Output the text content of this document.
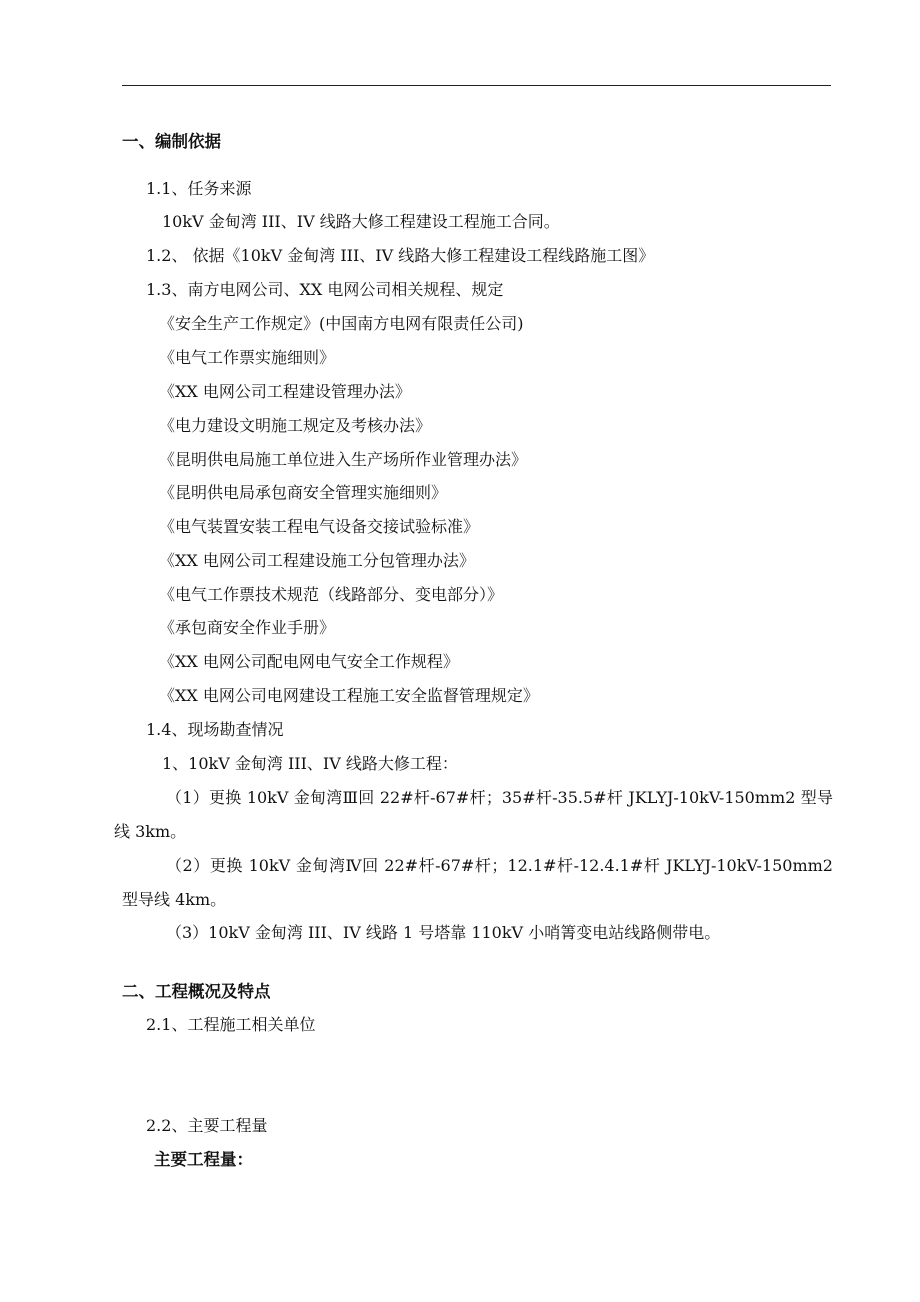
一、编制依据
1.1、任务来源
10kV 金甸湾 III、IV 线路大修工程建设工程施工合同。
1.2、 依据《10kV 金甸湾 III、IV 线路大修工程建设工程线路施工图》
1.3、南方电网公司、XX 电网公司相关规程、规定
《安全生产工作规定》(中国南方电网有限责任公司)
《电气工作票实施细则》
《XX 电网公司工程建设管理办法》
《电力建设文明施工规定及考核办法》
《昆明供电局施工单位进入生产场所作业管理办法》
《昆明供电局承包商安全管理实施细则》
《电气装置安装工程电气设备交接试验标准》
《XX 电网公司工程建设施工分包管理办法》
《电气工作票技术规范（线路部分、变电部分）》
《承包商安全作业手册》
《XX 电网公司配电网电气安全工作规程》
《XX 电网公司电网建设工程施工安全监督管理规定》
1.4、现场勘查情况
1、10kV 金甸湾 III、IV 线路大修工程：
（1）更换 10kV 金甸湾Ⅲ回 22#杆-67#杆；35#杆-35.5#杆 JKLYJ-10kV-150mm2 型导
线 3km。
（2）更换 10kV 金甸湾Ⅳ回 22#杆-67#杆；12.1#杆-12.4.1#杆 JKLYJ-10kV-150mm2
型导线 4km。
（3）10kV 金甸湾 III、IV 线路 1 号塔靠 110kV 小哨箐变电站线路侧带电。
二、工程概况及特点
2.1、工程施工相关单位
2.2、主要工程量
主要工程量：
